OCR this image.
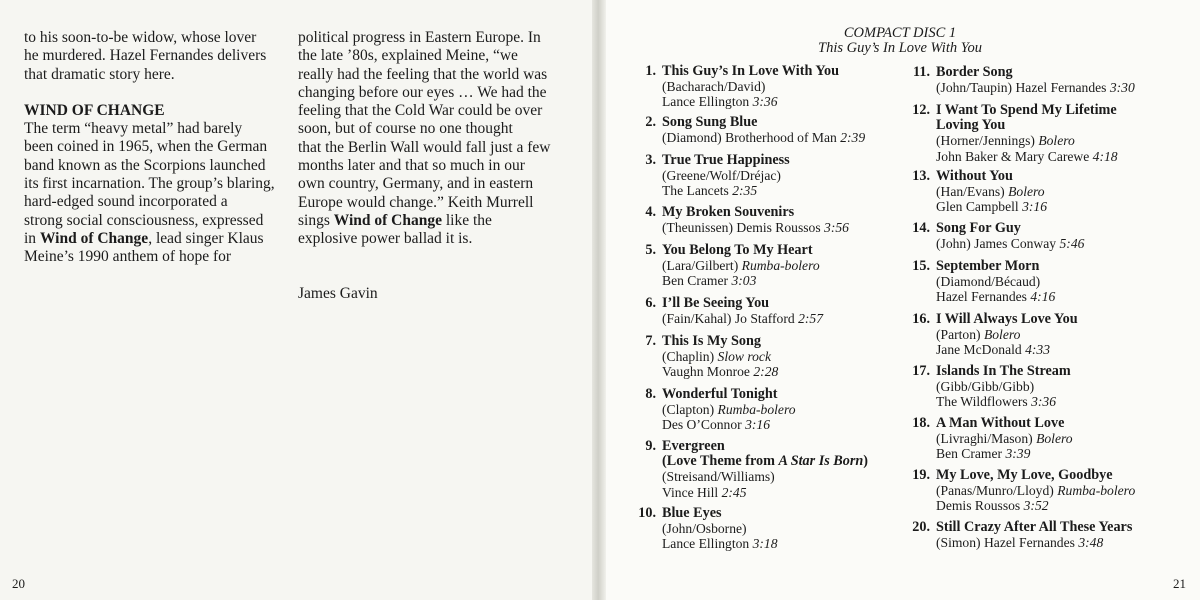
to his soon-to-be widow, whose lover

he murdered. Hazel Fernandes delivers

that dramatic story here.

WIND OF CHANGE

The term “heavy metal” had barely

been coined in 1965, when the German

band known as the Scorpions launched

its first incarnation. The group’s blaring,

hard-edged sound incorporated a

strong social consciousness, expressed

in Wind of Change, lead singer Klaus

Meine’s 1990 anthem of hope for

political progress in Eastern Europe. In

the late ’80s, explained Meine, “we

really had the feeling that the world was

changing before our eyes … We had the

feeling that the Cold War could be over

soon, but of course no one thought

that the Berlin Wall would fall just a few

months later and that so much in our

own country, Germany, and in eastern

Europe would change.” Keith Murrell

sings Wind of Change like the

explosive power ballad it is.

James Gavin

20
COMPACT DISC 1
This Guy’s In Love With You
1. This Guy’s In Love With You
(Bacharach/David)
Lance Ellington 3:36
2. Song Sung Blue
(Diamond) Brotherhood of Man 2:39
3. True True Happiness
(Greene/Wolf/Dréjac)
The Lancets 2:35
4. My Broken Souvenirs
(Theunissen) Demis Roussos 3:56
5. You Belong To My Heart
(Lara/Gilbert) Rumba-bolero
Ben Cramer 3:03
6. I’ll Be Seeing You
(Fain/Kahal) Jo Stafford 2:57
7. This Is My Song
(Chaplin) Slow rock
Vaughn Monroe 2:28
8. Wonderful Tonight
(Clapton) Rumba-bolero
Des O’Connor 3:16
9. Evergreen
(Love Theme from A Star Is Born)
(Streisand/Williams)
Vince Hill 2:45
10. Blue Eyes
(John/Osborne)
Lance Ellington 3:18
11. Border Song
(John/Taupin) Hazel Fernandes 3:30
12. I Want To Spend My Lifetime
Loving You
(Horner/Jennings) Bolero
John Baker & Mary Carewe 4:18
13. Without You
(Han/Evans) Bolero
Glen Campbell 3:16
14. Song For Guy
(John) James Conway 5:46
15. September Morn
(Diamond/Bécaud)
Hazel Fernandes 4:16
16. I Will Always Love You
(Parton) Bolero
Jane McDonald 4:33
17. Islands In The Stream
(Gibb/Gibb/Gibb)
The Wildflowers 3:36
18. A Man Without Love
(Livraghi/Mason) Bolero
Ben Cramer 3:39
19. My Love, My Love, Goodbye
(Panas/Munro/Lloyd) Rumba-bolero
Demis Roussos 3:52
20. Still Crazy After All These Years
(Simon) Hazel Fernandes 3:48
21
